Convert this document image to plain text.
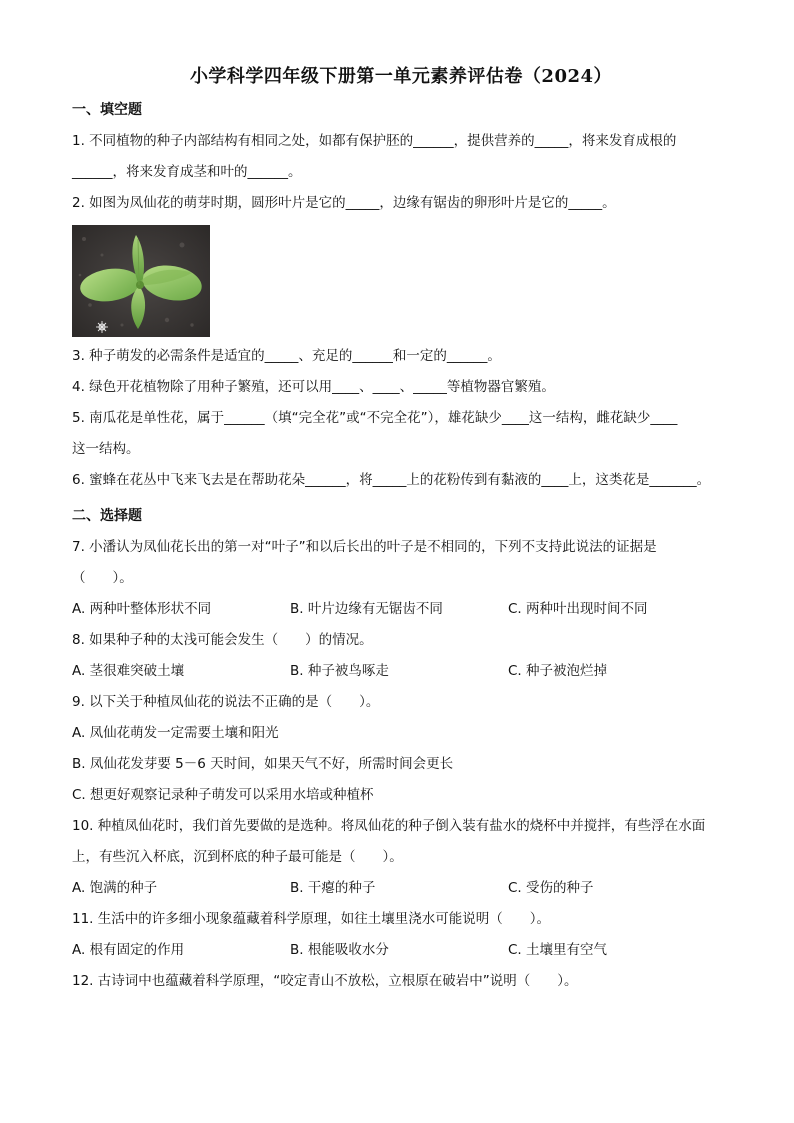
小学科学四年级下册第一单元素养评估卷（2024）
一、填空题
1. 不同植物的种子内部结构有相同之处，如都有保护胚的______，提供营养的_____，将来发育成根的
______，将来发育成茎和叶的______。
2. 如图为凤仙花的萌芽时期，圆形叶片是它的_____，边缘有锯齿的卵形叶片是它的_____。
3. 种子萌发的必需条件是适宜的_____、充足的______和一定的______。
4. 绿色开花植物除了用种子繁殖，还可以用____、____、_____等植物器官繁殖。
5. 南瓜花是单性花，属于______（填“完全花”或“不完全花”），雄花缺少____这一结构，雌花缺少____
这一结构。
6. 蜜蜂在花丛中飞来飞去是在帮助花朵______，将_____上的花粉传到有黏液的____上，这类花是_______。
二、选择题
7. 小潘认为凤仙花长出的第一对“叶子”和以后长出的叶子是不相同的，下列不支持此说法的证据是
（　　）。
A. 两种叶整体形状不同	B. 叶片边缘有无锯齿不同	C. 两种叶出现时间不同
8. 如果种子种的太浅可能会发生（　　）的情况。
A. 茎很难突破土壤	B. 种子被鸟啄走	C. 种子被泡烂掉
9. 以下关于种植凤仙花的说法不正确的是（　　）。
A. 凤仙花萌发一定需要土壤和阳光
B. 凤仙花发芽要 5－6 天时间，如果天气不好，所需时间会更长
C. 想更好观察记录种子萌发可以采用水培或种植杯
10. 种植凤仙花时，我们首先要做的是选种。将凤仙花的种子倒入装有盐水的烧杯中并搅拌，有些浮在水面
上，有些沉入杯底，沉到杯底的种子最可能是（　　）。
A. 饱满的种子	B. 干瘪的种子	C. 受伤的种子
11. 生活中的许多细小现象蕴藏着科学原理，如往土壤里浇水可能说明（　　）。
A. 根有固定的作用	B. 根能吸收水分	C. 土壤里有空气
12. 古诗词中也蕴藏着科学原理，“咬定青山不放松，立根原在破岩中”说明（　　）。
